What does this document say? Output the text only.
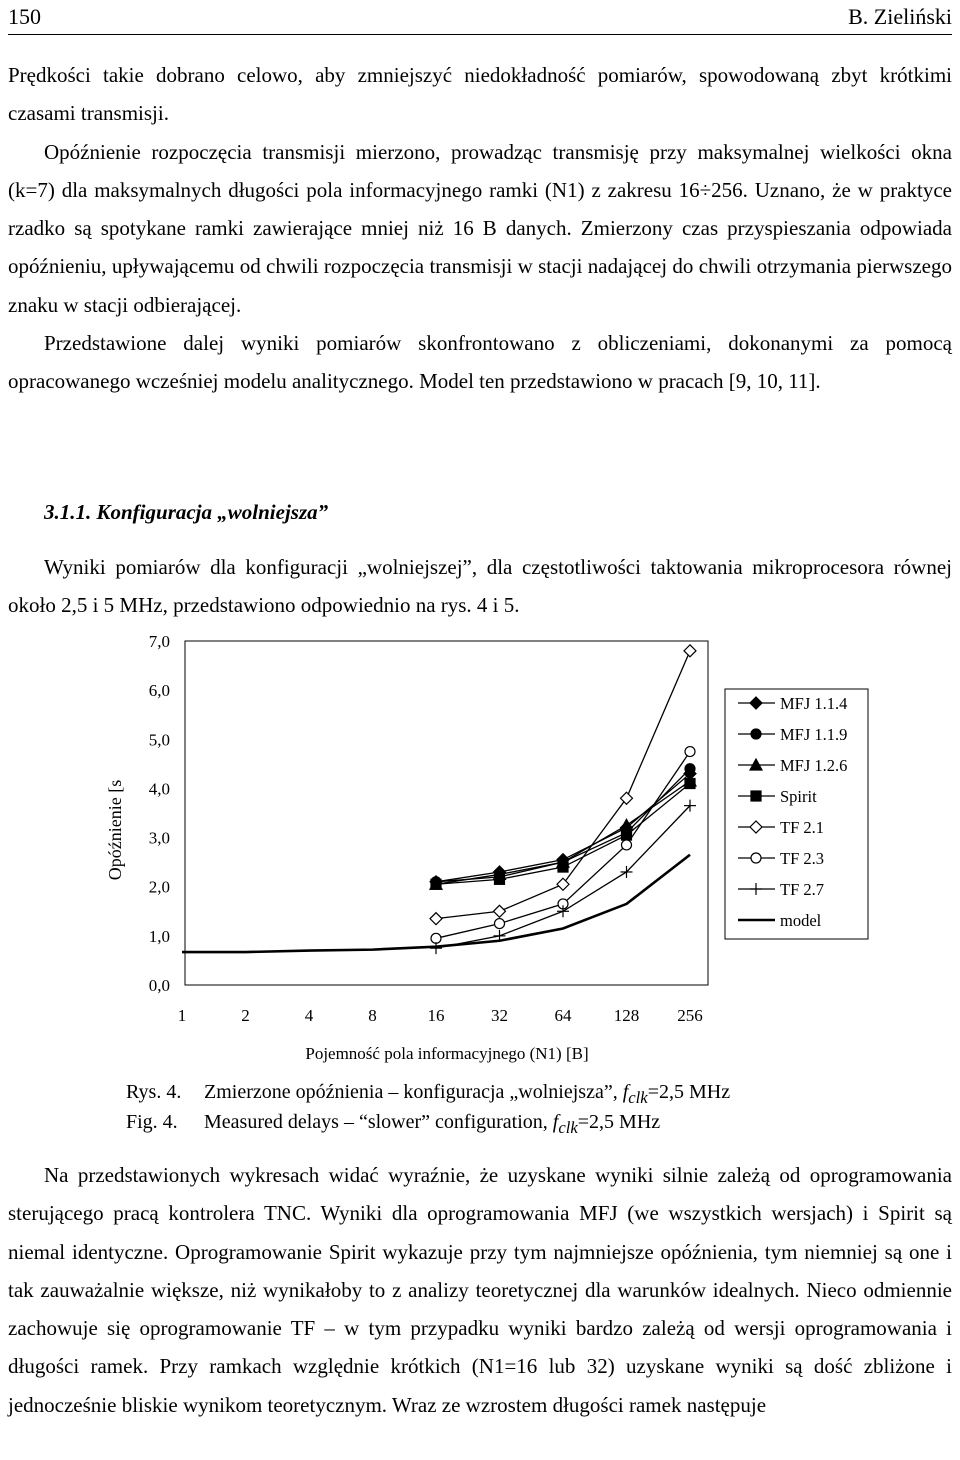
150	B. Zieliński

Prędkości takie dobrano celowo, aby zmniejszyć niedokładność pomiarów, spowodowaną zbyt krótkimi czasami transmisji.

Opóźnienie rozpoczęcia transmisji mierzono, prowadząc transmisję przy maksymalnej wielkości okna (k=7) dla maksymalnych długości pola informacyjnego ramki (N1) z zakresu 16÷256. Uznano, że w praktyce rzadko są spotykane ramki zawierające mniej niż 16 B danych. Zmierzony czas przyspieszania odpowiada opóźnieniu, upływającemu od chwili rozpoczęcia transmisji w stacji nadającej do chwili otrzymania pierwszego znaku w stacji odbierającej.

Przedstawione dalej wyniki pomiarów skonfrontowano z obliczeniami, dokonanymi za pomocą opracowanego wcześniej modelu analitycznego. Model ten przedstawiono w pracach [9, 10, 11].

3.1.1. Konfiguracja „wolniejsza”
Wyniki pomiarów dla konfiguracji „wolniejszej”, dla częstotliwości taktowania mikroprocesora równej około 2,5 i 5 MHz, przedstawiono odpowiednio na rys. 4 i 5.
0,0
1,0
2,0
3,0
4,0
5,0
6,0
7,0
1	2	4	8	16	32	64 128 256
Opóźnienie [s
Pojemność pola informacyjnego (N1) [B]
MFJ 1.1.4
MFJ 1.1.9
MFJ 1.2.6
Spirit
TF 2.1
TF 2.3
TF 2.7
model
Rys. 4. Zmierzone opóźnienia – konfiguracja „wolniejsza”, $f_{clk}=2,5$ MHz
Fig. 4. Measured delays – “slower” configuration, $f_{clk}=2,5$ MHz
Na przedstawionych wykresach widać wyraźnie, że uzyskane wyniki silnie zależą od oprogramowania sterującego pracą kontrolera TNC. Wyniki dla oprogramowania MFJ (we wszystkich wersjach) i Spirit są niemal identyczne. Oprogramowanie Spirit wykazuje przy tym najmniejsze opóźnienia, tym niemniej są one i tak zauważalnie większe, niż wynikałoby to z analizy teoretycznej dla warunków idealnych. Nieco odmiennie zachowuje się oprogramowanie TF – w tym przypadku wyniki bardzo zależą od wersji oprogramowania i długości ramek. Przy ramkach względnie krótkich (N1=16 lub 32) uzyskane wyniki są dość zbliżone i jednocześnie bliskie wynikom teoretycznym. Wraz ze wzrostem długości ramek następuje
